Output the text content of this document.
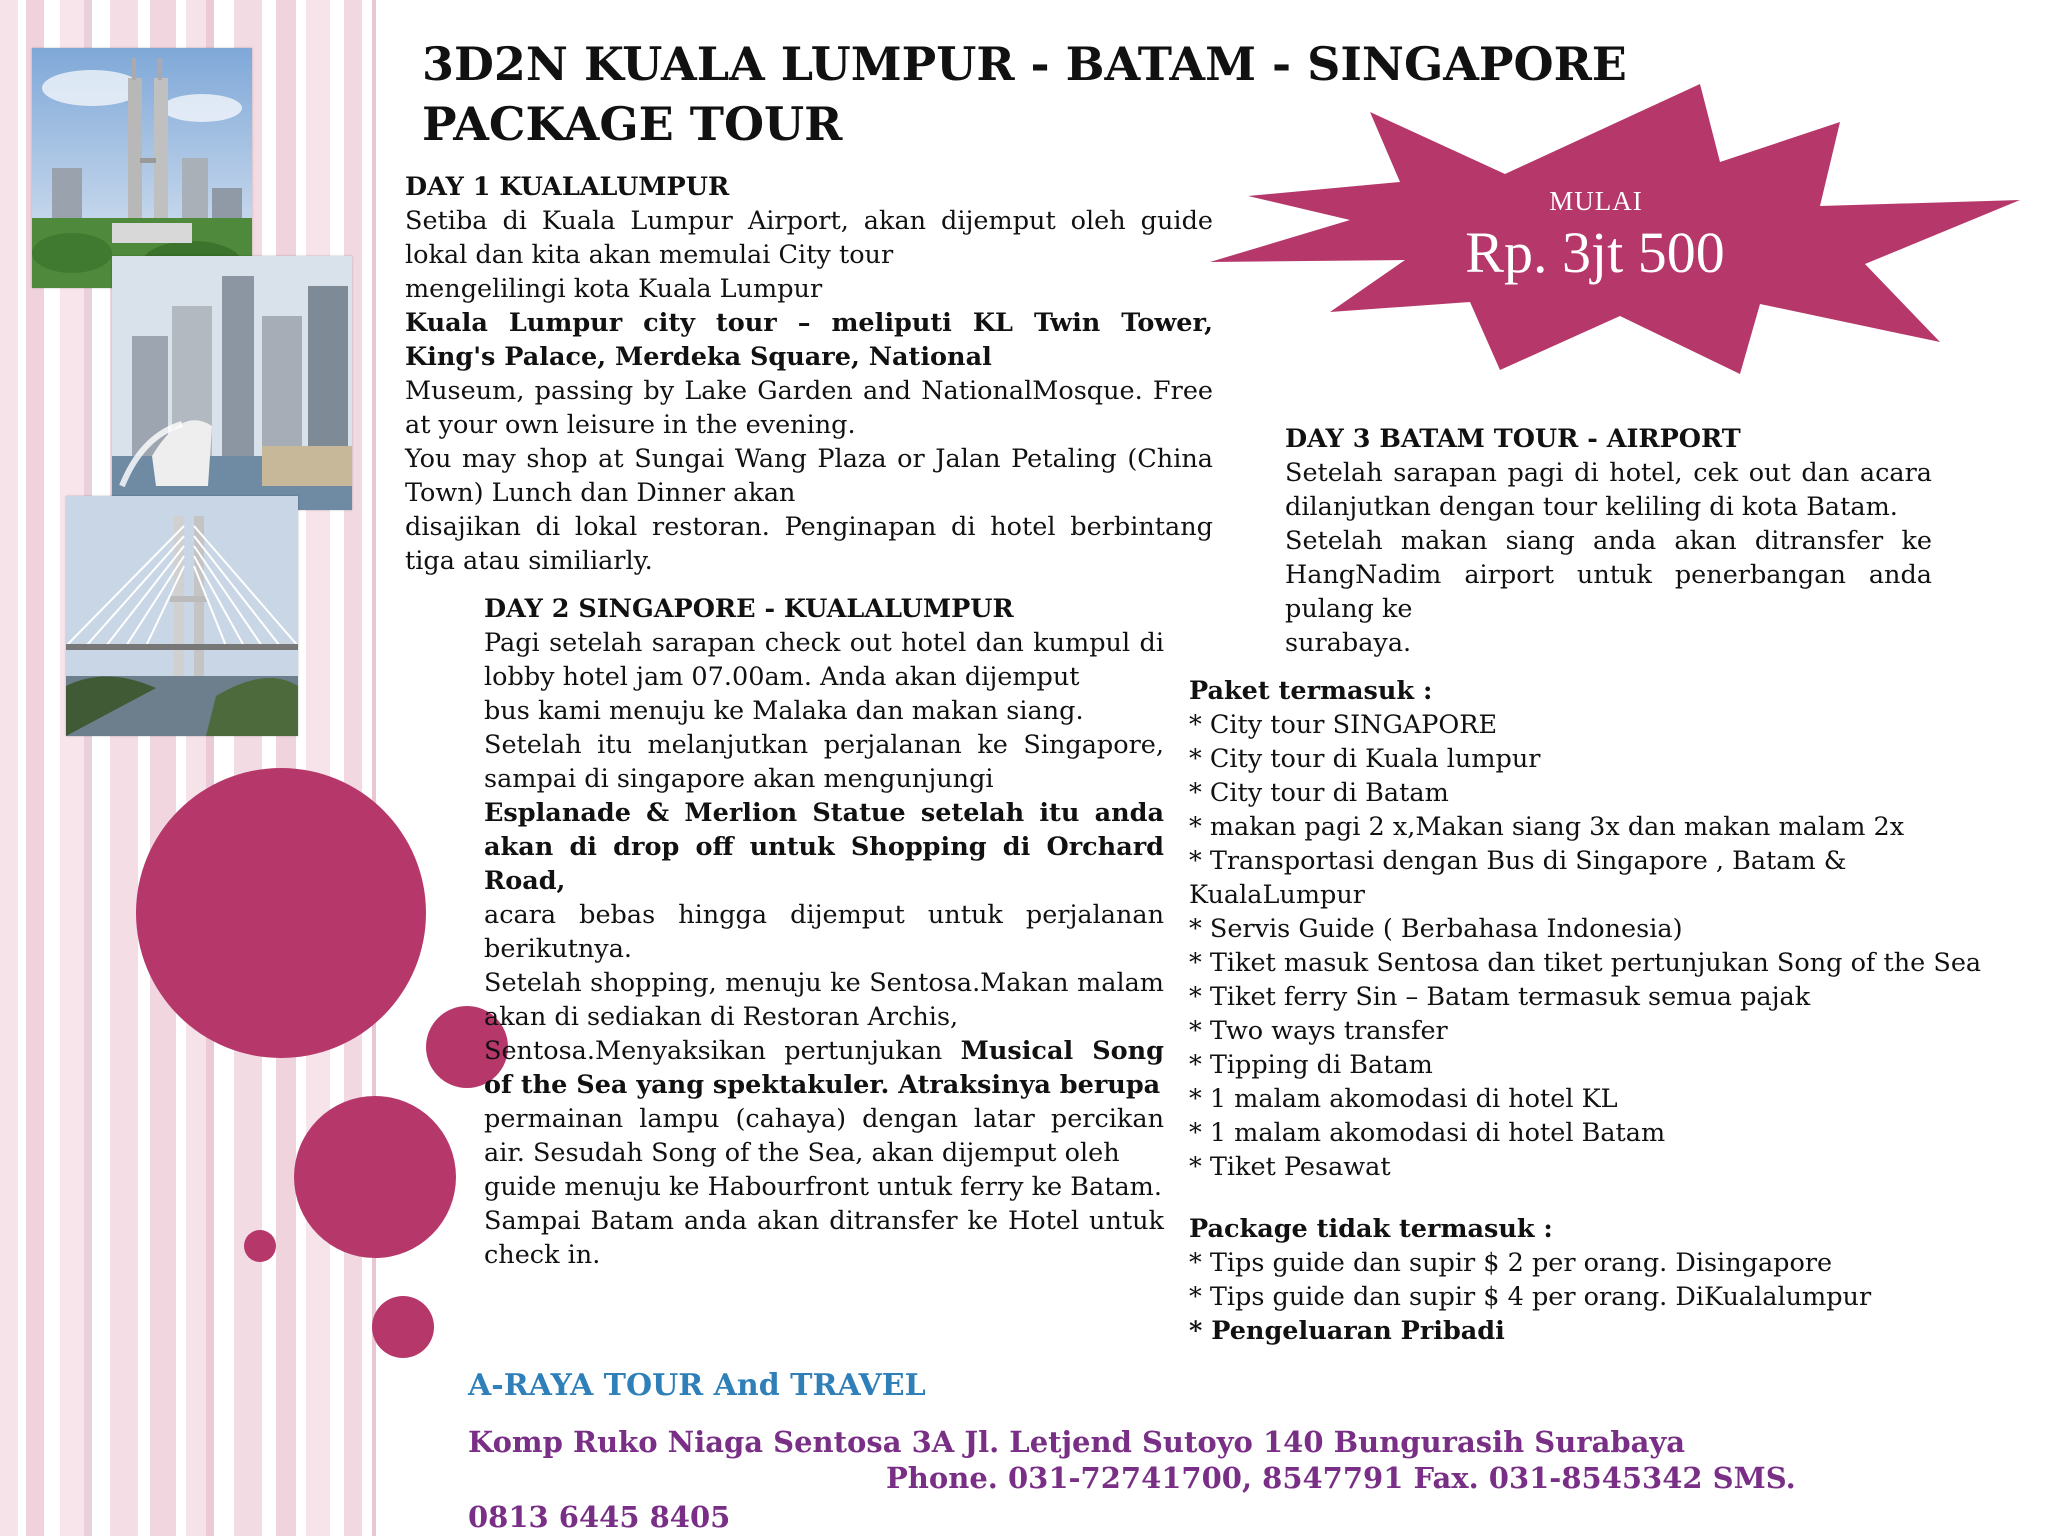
3D2N KUALA LUMPUR - BATAM - SINGAPORE
PACKAGE TOUR
MULAI
Rp. 3jt 500
DAY 1 KUALALUMPUR

Setiba di Kuala Lumpur Airport, akan dijemput oleh guide lokal dan kita akan memulai City tour

mengelilingi kota Kuala Lumpur

Kuala Lumpur city tour – meliputi KL Twin Tower, King's Palace, Merdeka Square, National

Museum, passing by Lake Garden and NationalMosque. Free at your own leisure in the evening.

You may shop at Sungai Wang Plaza or Jalan Petaling (China Town) Lunch dan Dinner akan

disajikan di lokal restoran. Penginapan di hotel berbintang tiga atau similiarly.

DAY 2 SINGAPORE - KUALALUMPUR

Pagi setelah sarapan check out hotel dan kumpul di lobby hotel jam 07.00am. Anda akan dijemput

bus kami menuju ke Malaka dan makan siang.

Setelah itu melanjutkan perjalanan ke Singapore, sampai di singapore akan mengunjungi

Esplanade & Merlion Statue setelah itu anda akan di drop off untuk Shopping di Orchard Road,

acara bebas hingga dijemput untuk perjalanan berikutnya.

Setelah shopping, menuju ke Sentosa.Makan malam akan di sediakan di Restoran Archis,

Sentosa.Menyaksikan pertunjukan Musical Song of the Sea yang spektakuler. Atraksinya berupa

permainan lampu (cahaya) dengan latar percikan air. Sesudah Song of the Sea, akan dijemput oleh

guide menuju ke Habourfront untuk ferry ke Batam.

Sampai Batam anda akan ditransfer ke Hotel untuk check in.

DAY 3 BATAM TOUR - AIRPORT

Setelah sarapan pagi di hotel, cek out dan acara dilanjutkan dengan tour keliling di kota Batam.

Setelah makan siang anda akan ditransfer ke HangNadim airport untuk penerbangan anda pulang ke

surabaya.

Paket termasuk :
* City tour SINGAPORE
* City tour di Kuala lumpur
* City tour di Batam
* makan pagi 2 x,Makan siang 3x dan makan malam 2x
* Transportasi dengan Bus di Singapore , Batam & KualaLumpur
* Servis Guide ( Berbahasa Indonesia)
* Tiket masuk Sentosa dan tiket pertunjukan Song of the Sea
* Tiket ferry Sin – Batam termasuk semua pajak
* Two ways transfer
* Tipping di Batam
* 1 malam akomodasi di hotel KL
* 1 malam akomodasi di hotel Batam
* Tiket Pesawat
Package tidak termasuk :
* Tips guide dan supir $ 2 per orang. Disingapore
* Tips guide dan supir $ 4 per orang. DiKualalumpur
* Pengeluaran Pribadi
A-RAYA TOUR And TRAVEL
Komp Ruko Niaga Sentosa 3A Jl. Letjend Sutoyo 140 Bungurasih Surabaya
Phone. 031-72741700, 8547791 Fax. 031-8545342 SMS.
0813 6445 8405
